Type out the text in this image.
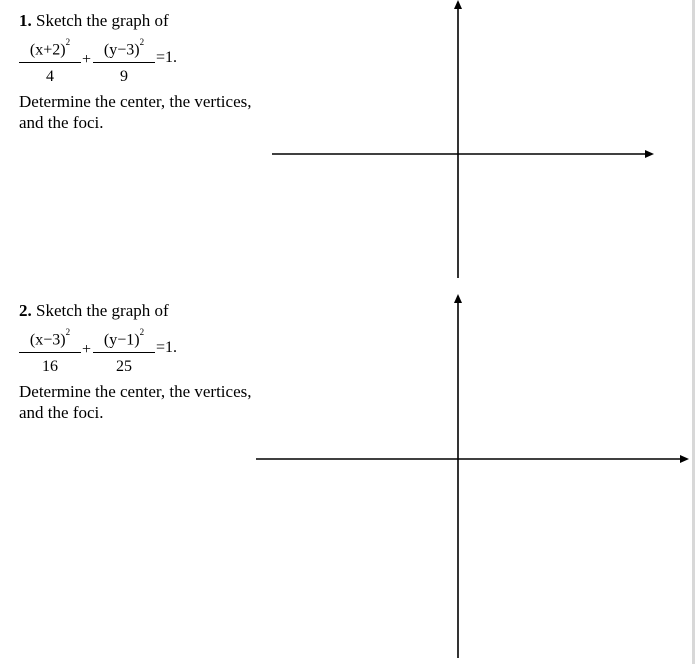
1. Sketch the graph of
$(x+2)^2$
4
+
$(y-3)^2$
9
=1.
Determine the center, the vertices, and the foci.
2. Sketch the graph of
$(x-3)^2$
16
+
$(y-1)^2$
25
=1.
Determine the center, the vertices, and the foci.
